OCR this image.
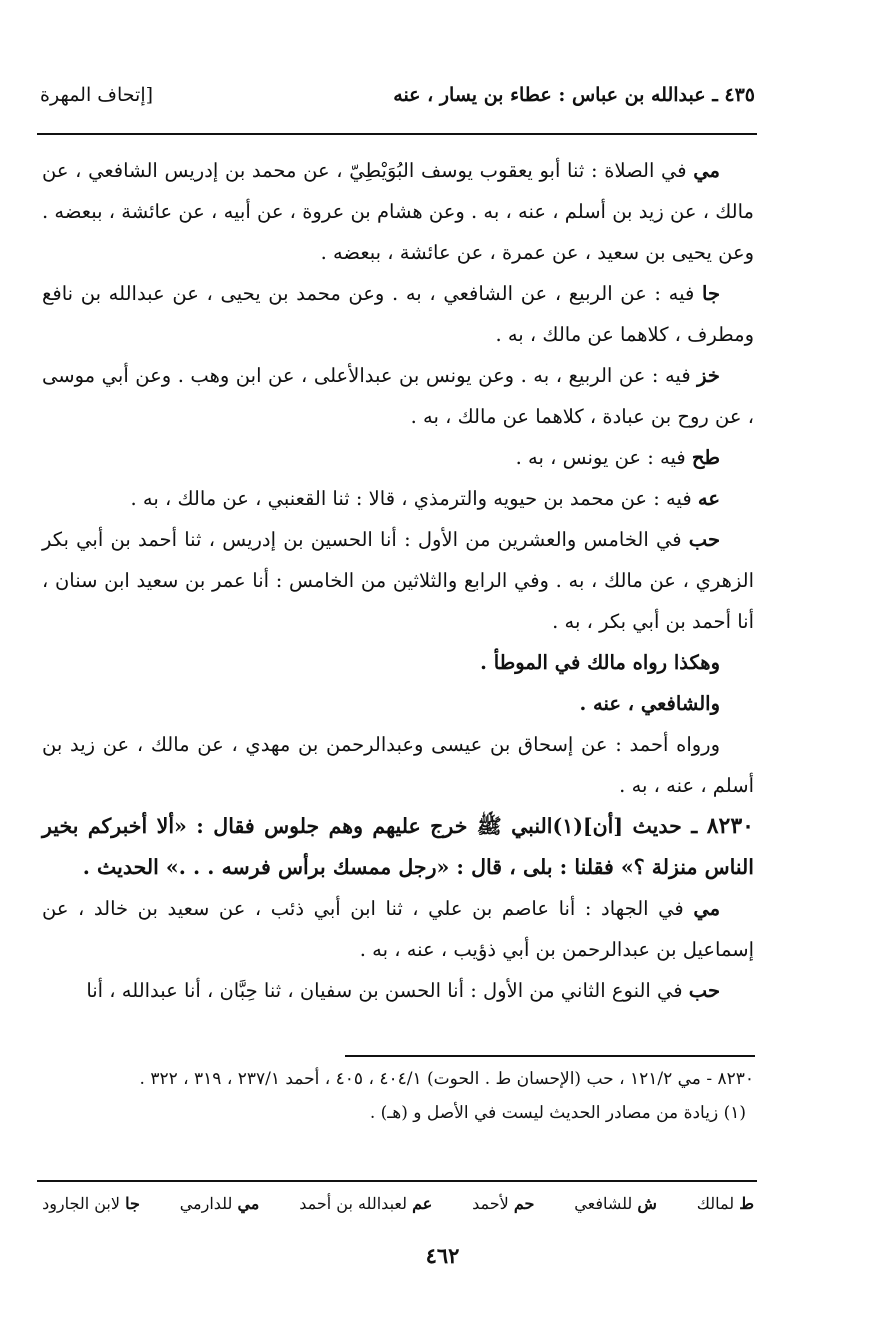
٤٣٥ ـ عبدالله بن عباس : عطاء بن يسار ، عنه
[إتحاف المهرة

مي في الصلاة : ثنا أبو يعقوب يوسف البُوَيْطِيّ ، عن محمد بن إدريس الشافعي ، عن مالك ، عن زيد بن أسلم ، عنه ، به . وعن هشام بن عروة ، عن أبيه ، عن عائشة ، ببعضه . وعن يحيى بن سعيد ، عن عمرة ، عن عائشة ، ببعضه .

جا فيه : عن الربيع ، عن الشافعي ، به . وعن محمد بن يحيى ، عن عبدالله بن نافع ومطرف ، كلاهما عن مالك ، به .

خز فيه : عن الربيع ، به . وعن يونس بن عبدالأعلى ، عن ابن وهب . وعن أبي موسى ، عن روح بن عبادة ، كلاهما عن مالك ، به .

طح فيه : عن يونس ، به .

عه فيه : عن محمد بن حيويه والترمذي ، قالا : ثنا القعنبي ، عن مالك ، به .

حب في الخامس والعشرين من الأول : أنا الحسين بن إدريس ، ثنا أحمد بن أبي بكر الزهري ، عن مالك ، به . وفي الرابع والثلاثين من الخامس : أنا عمر بن سعيد ابن سنان ، أنا أحمد بن أبي بكر ، به .

وهكذا رواه مالك في الموطأ .

والشافعي ، عنه .

ورواه أحمد : عن إسحاق بن عيسى وعبدالرحمن بن مهدي ، عن مالك ، عن زيد بن أسلم ، عنه ، به .

٨٢٣٠ ـ حديث [أن](١)النبي ﷺ خرج عليهم وهم جلوس فقال : «ألا أخبركم بخير الناس منزلة ؟» فقلنا : بلى ، قال : «رجل ممسك برأس فرسه . . .» الحديث .

مي في الجهاد : أنا عاصم بن علي ، ثنا ابن أبي ذئب ، عن سعيد بن خالد ، عن إسماعيل بن عبدالرحمن بن أبي ذؤيب ، عنه ، به .

حب في النوع الثاني من الأول : أنا الحسن بن سفيان ، ثنا حِبَّان ، أنا عبدالله ، أنا

٨٢٣٠ - مي ١٢١/٢ ، حب (الإحسان ط . الحوت) ٤٠٤/١ ، ٤٠٥ ، أحمد ٢٣٧/١ ، ٣١٩ ، ٣٢٢ .

(١) زيادة من مصادر الحديث ليست في الأصل و (هـ) .

ط لمالك
ش للشافعي
حم لأحمد
عم لعبدالله بن أحمد
مي للدارمي
جا لابن الجارود
٤٦٢
